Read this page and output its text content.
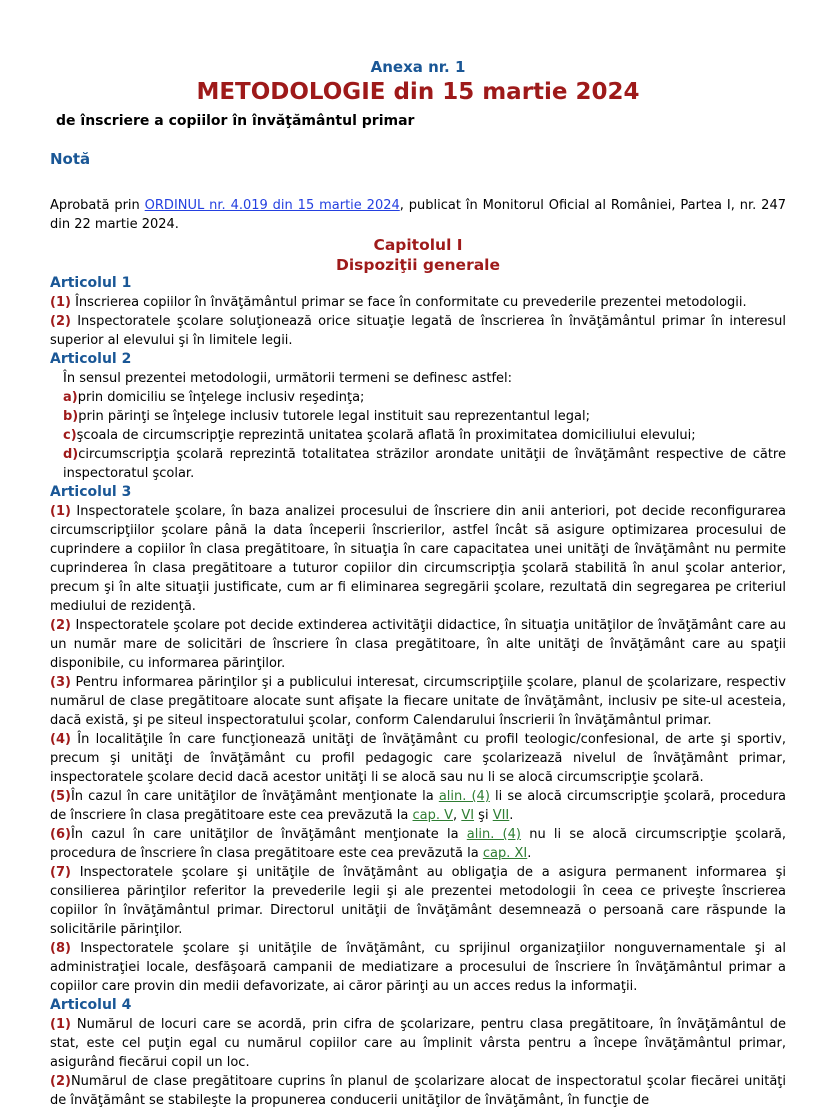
Anexa nr. 1

METODOLOGIE din 15 martie 2024

de înscriere a copiilor în învăţământul primar

Notă

Aprobată prin ORDINUL nr. 4.019 din 15 martie 2024, publicat în Monitorul Oficial al României, Partea I, nr. 247 din 22 martie 2024.

Capitolul I

Dispoziţii generale

Articolul 1

(1) Înscrierea copiilor în învăţământul primar se face în conformitate cu prevederile prezentei metodologii.

(2) Inspectoratele şcolare soluţionează orice situaţie legată de înscrierea în învăţământul primar în interesul superior al elevului şi în limitele legii.

Articolul 2

În sensul prezentei metodologii, următorii termeni se definesc astfel:

a)prin domiciliu se înţelege inclusiv reşedinţa;

b)prin părinţi se înţelege inclusiv tutorele legal instituit sau reprezentantul legal;

c)şcoala de circumscripţie reprezintă unitatea şcolară aflată în proximitatea domiciliului elevului;

d)circumscripţia şcolară reprezintă totalitatea străzilor arondate unităţii de învăţământ respective de către inspectoratul şcolar.

Articolul 3

(1) Inspectoratele şcolare, în baza analizei procesului de înscriere din anii anteriori, pot decide reconfigurarea circumscripţiilor şcolare până la data începerii înscrierilor, astfel încât să asigure optimizarea procesului de cuprindere a copiilor în clasa pregătitoare, în situaţia în care capacitatea unei unităţi de învăţământ nu permite cuprinderea în clasa pregătitoare a tuturor copiilor din circumscripţia şcolară stabilită în anul şcolar anterior, precum şi în alte situaţii justificate, cum ar fi eliminarea segregării şcolare, rezultată din segregarea pe criteriul mediului de rezidenţă.

(2) Inspectoratele şcolare pot decide extinderea activităţii didactice, în situaţia unităţilor de învăţământ care au un număr mare de solicitări de înscriere în clasa pregătitoare, în alte unităţi de învăţământ care au spaţii disponibile, cu informarea părinţilor.

(3) Pentru informarea părinţilor şi a publicului interesat, circumscripţiile şcolare, planul de şcolarizare, respectiv numărul de clase pregătitoare alocate sunt afişate la fiecare unitate de învăţământ, inclusiv pe site-ul acesteia, dacă există, şi pe siteul inspectoratului şcolar, conform Calendarului înscrierii în învăţământul primar.

(4) În localităţile în care funcţionează unităţi de învăţământ cu profil teologic/confesional, de arte şi sportiv, precum şi unităţi de învăţământ cu profil pedagogic care şcolarizează nivelul de învăţământ primar, inspectoratele şcolare decid dacă acestor unităţi li se alocă sau nu li se alocă circumscripţie şcolară.

(5)În cazul în care unităţilor de învăţământ menţionate la alin. (4) li se alocă circumscripţie şcolară, procedura de înscriere în clasa pregătitoare este cea prevăzută la cap. V, VI şi VII.

(6)În cazul în care unităţilor de învăţământ menţionate la alin. (4) nu li se alocă circumscripţie şcolară, procedura de înscriere în clasa pregătitoare este cea prevăzută la cap. XI.

(7) Inspectoratele şcolare şi unităţile de învăţământ au obligaţia de a asigura permanent informarea şi consilierea părinţilor referitor la prevederile legii şi ale prezentei metodologii în ceea ce priveşte înscrierea copiilor în învăţământul primar. Directorul unităţii de învăţământ desemnează o persoană care răspunde la solicitările părinţilor.

(8) Inspectoratele şcolare şi unităţile de învăţământ, cu sprijinul organizaţiilor nonguvernamentale şi al administraţiei locale, desfăşoară campanii de mediatizare a procesului de înscriere în învăţământul primar a copiilor care provin din medii defavorizate, ai căror părinţi au un acces redus la informaţii.

Articolul 4

(1) Numărul de locuri care se acordă, prin cifra de şcolarizare, pentru clasa pregătitoare, în învăţământul de stat, este cel puţin egal cu numărul copiilor care au împlinit vârsta pentru a începe învăţământul primar, asigurând fiecărui copil un loc.

(2)Numărul de clase pregătitoare cuprins în planul de şcolarizare alocat de inspectoratul şcolar fiecărei unităţi de învăţământ se stabileşte la propunerea conducerii unităţilor de învăţământ, în funcţie de
